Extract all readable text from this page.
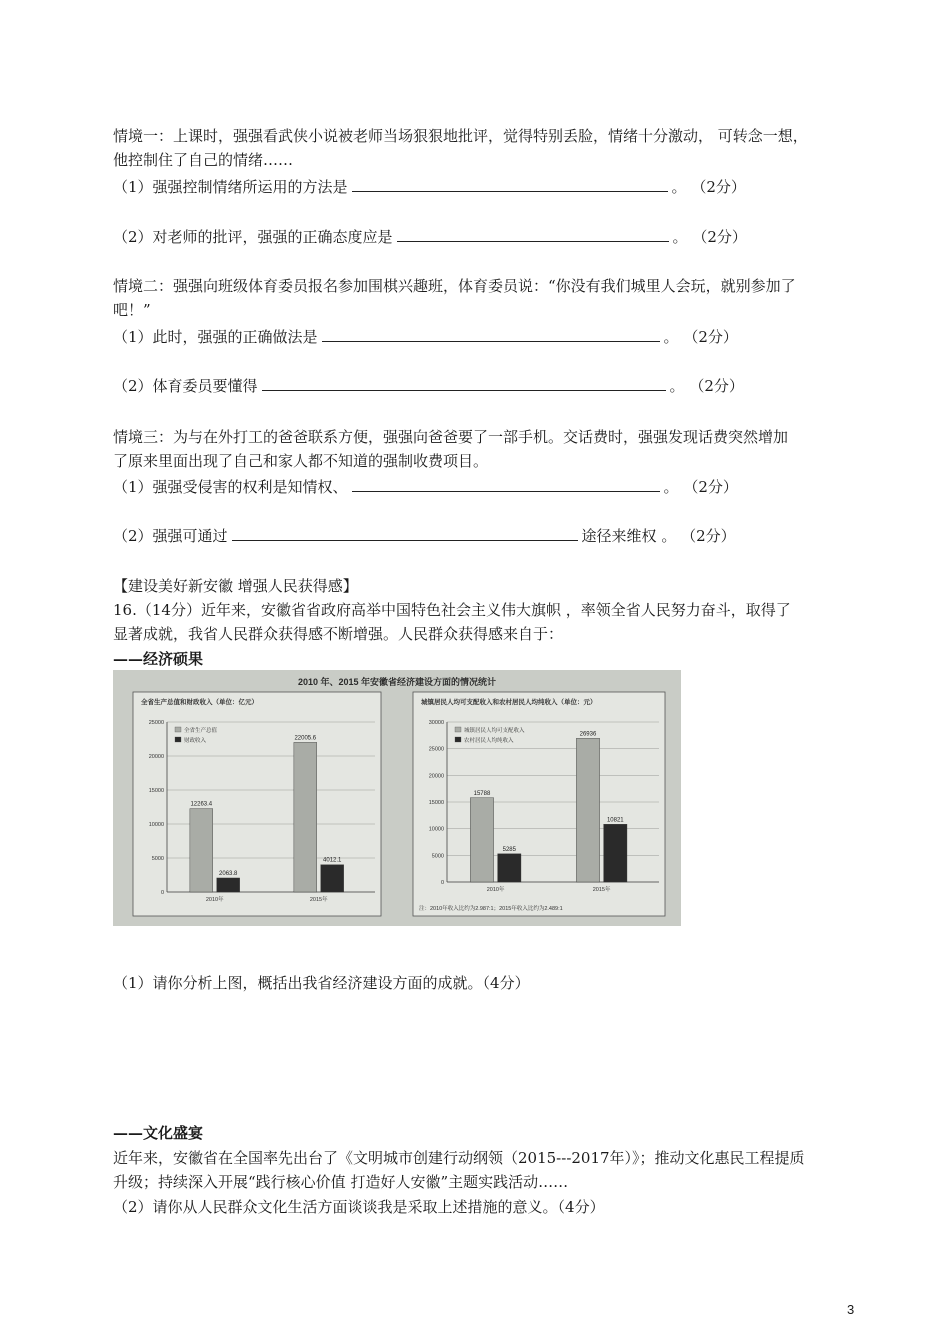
情境一：上课时，强强看武侠小说被老师当场狠狠地批评，觉得特别丢脸，情绪十分激动， 可转念一想，
他控制住了自己的情绪……
（1）强强控制情绪所运用的方法是	。 （2分）
（2）对老师的批评，强强的正确态度应是	。 （2分）
情境二：强强向班级体育委员报名参加围棋兴趣班，体育委员说：“你没有我们城里人会玩，就别参加了
吧！”
（1）此时，强强的正确做法是	。 （2分）
（2）体育委员要懂得	。 （2分）
情境三：为与在外打工的爸爸联系方便，强强向爸爸要了一部手机。交话费时，强强发现话费突然增加
了原来里面出现了自己和家人都不知道的强制收费项目。
（1）强强受侵害的权利是知情权、	。 （2分）
（2）强强可通过	途径来维权 。 （2分）
【建设美好新安徽 增强人民获得感】
16.（14分）近年来，安徽省省政府高举中国特色社会主义伟大旗帜 ，率领全省人民努力奋斗，取得了
显著成就，我省人民群众获得感不断增强。人民群众获得感来自于：
——经济硕果
2010 年、2015 年安徽省经济建设方面的情况统计
全省生产总值和财政收入（单位：亿元）
0
5000
10000
15000
20000
25000
全省生产总值
财政收入
12263.4
2063.8
2010年
22005.6
4012.1
2015年
城镇居民人均可支配收入和农村居民人均纯收入（单位：元）
0
5000
10000
15000
20000
25000
30000
城镇居民人均可支配收入
农村居民人均纯收入
15788
5285
2010年
26936
10821
2015年
注：2010年收入比约为2.987:1；2015年收入比约为2.489:1
（1）请你分析上图，概括出我省经济建设方面的成就。（4分）
——文化盛宴
近年来，安徽省在全国率先出台了《文明城市创建行动纲领（2015---2017年）》；推动文化惠民工程提质
升级；持续深入开展“践行核心价值 打造好人安徽”主题实践活动……
（2）请你从人民群众文化生活方面谈谈我是采取上述措施的意义。（4分）
3
